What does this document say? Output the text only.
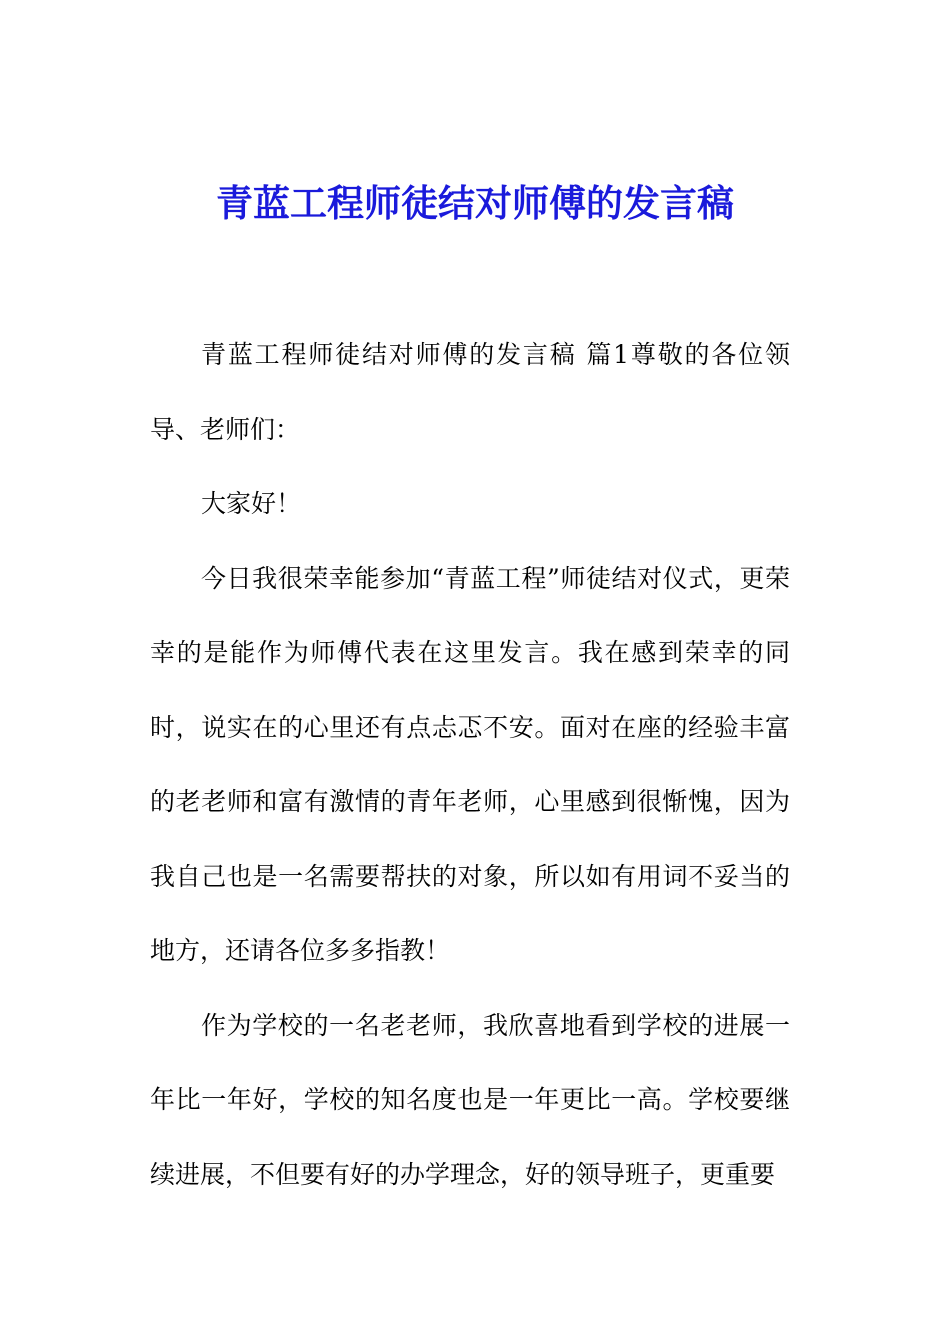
青蓝工程师徒结对师傅的发言稿

青蓝工程师徒结对师傅的发言稿 篇1尊敬的各位领导、老师们：

大家好！

今日我很荣幸能参加“青蓝工程”师徒结对仪式，更荣幸的是能作为师傅代表在这里发言。我在感到荣幸的同时，说实在的心里还有点忐忑不安。面对在座的经验丰富的老老师和富有激情的青年老师，心里感到很惭愧，因为我自己也是一名需要帮扶的对象，所以如有用词不妥当的地方，还请各位多多指教！

作为学校的一名老老师，我欣喜地看到学校的进展一年比一年好，学校的知名度也是一年更比一高。学校要继续进展，不但要有好的办学理念，好的领导班子，更重要
